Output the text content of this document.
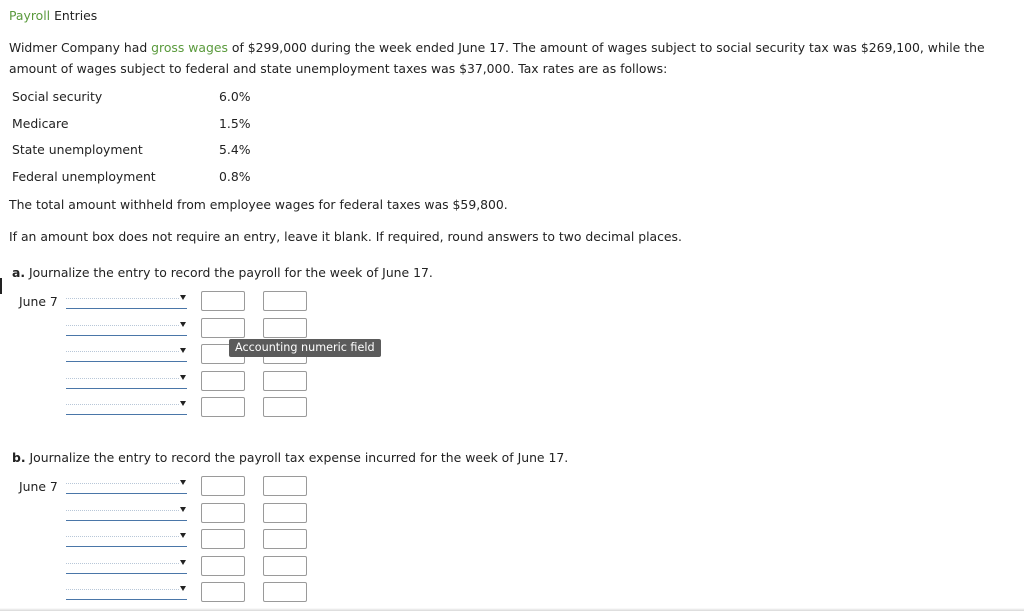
Payroll Entries
Widmer Company had gross wages of $299,000 during the week ended June 17. The amount of wages subject to social security tax was $269,100, while the amount of wages subject to federal and state unemployment taxes was $37,000. Tax rates are as follows:
Social security	6.0%
Medicare	1.5%
State unemployment	5.4%
Federal unemployment	0.8%
The total amount withheld from employee wages for federal taxes was $59,800.
If an amount box does not require an entry, leave it blank. If required, round answers to two decimal places.
a. Journalize the entry to record the payroll for the week of June 17.
June 7
Accounting numeric field
b. Journalize the entry to record the payroll tax expense incurred for the week of June 17.
June 7
